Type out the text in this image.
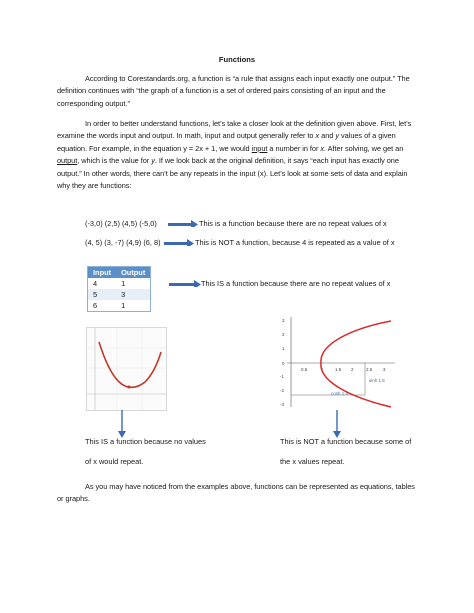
Functions

According to Corestandards.org, a function is “a rule that assigns each input exactly one output.” The definition continues with “the graph of a function is a set of ordered pairs consisting of an input and the corresponding output.”

In order to better understand functions, let’s take a closer look at the definition given above. First, let’s examine the words input and output. In math, input and output generally refer to x and y values of a given equation. For example, in the equation y = 2x + 1, we would input a number in for x. After solving, we get an output, which is the value for y. If we look back at the original definition, it says “each input has exactly one output.” In other words, there can’t be any repeats in the input (x). Let’s look at some sets of data and explain why they are functions:

(-3,0) (2,5) (4,5) (-5,0)	This is a function because there are no repeat values of x
(4, 5) (3, -7) (4,9) (6, 8)	This is NOT a function, because 4 is repeated as a value of x
Input	Output
4	1
5	3
6	1
This IS a function because there are no repeat values of x
3
2
1
0
-1
-2
-3
0.5	1	1.5 2	2.5 3
sinh 1.5
cosh 1.5
This IS a function because no values
of x would repeat.
This is NOT a function because some of
the x values repeat.

As you may have noticed from the examples above, functions can be represented as equations, tables or graphs.
